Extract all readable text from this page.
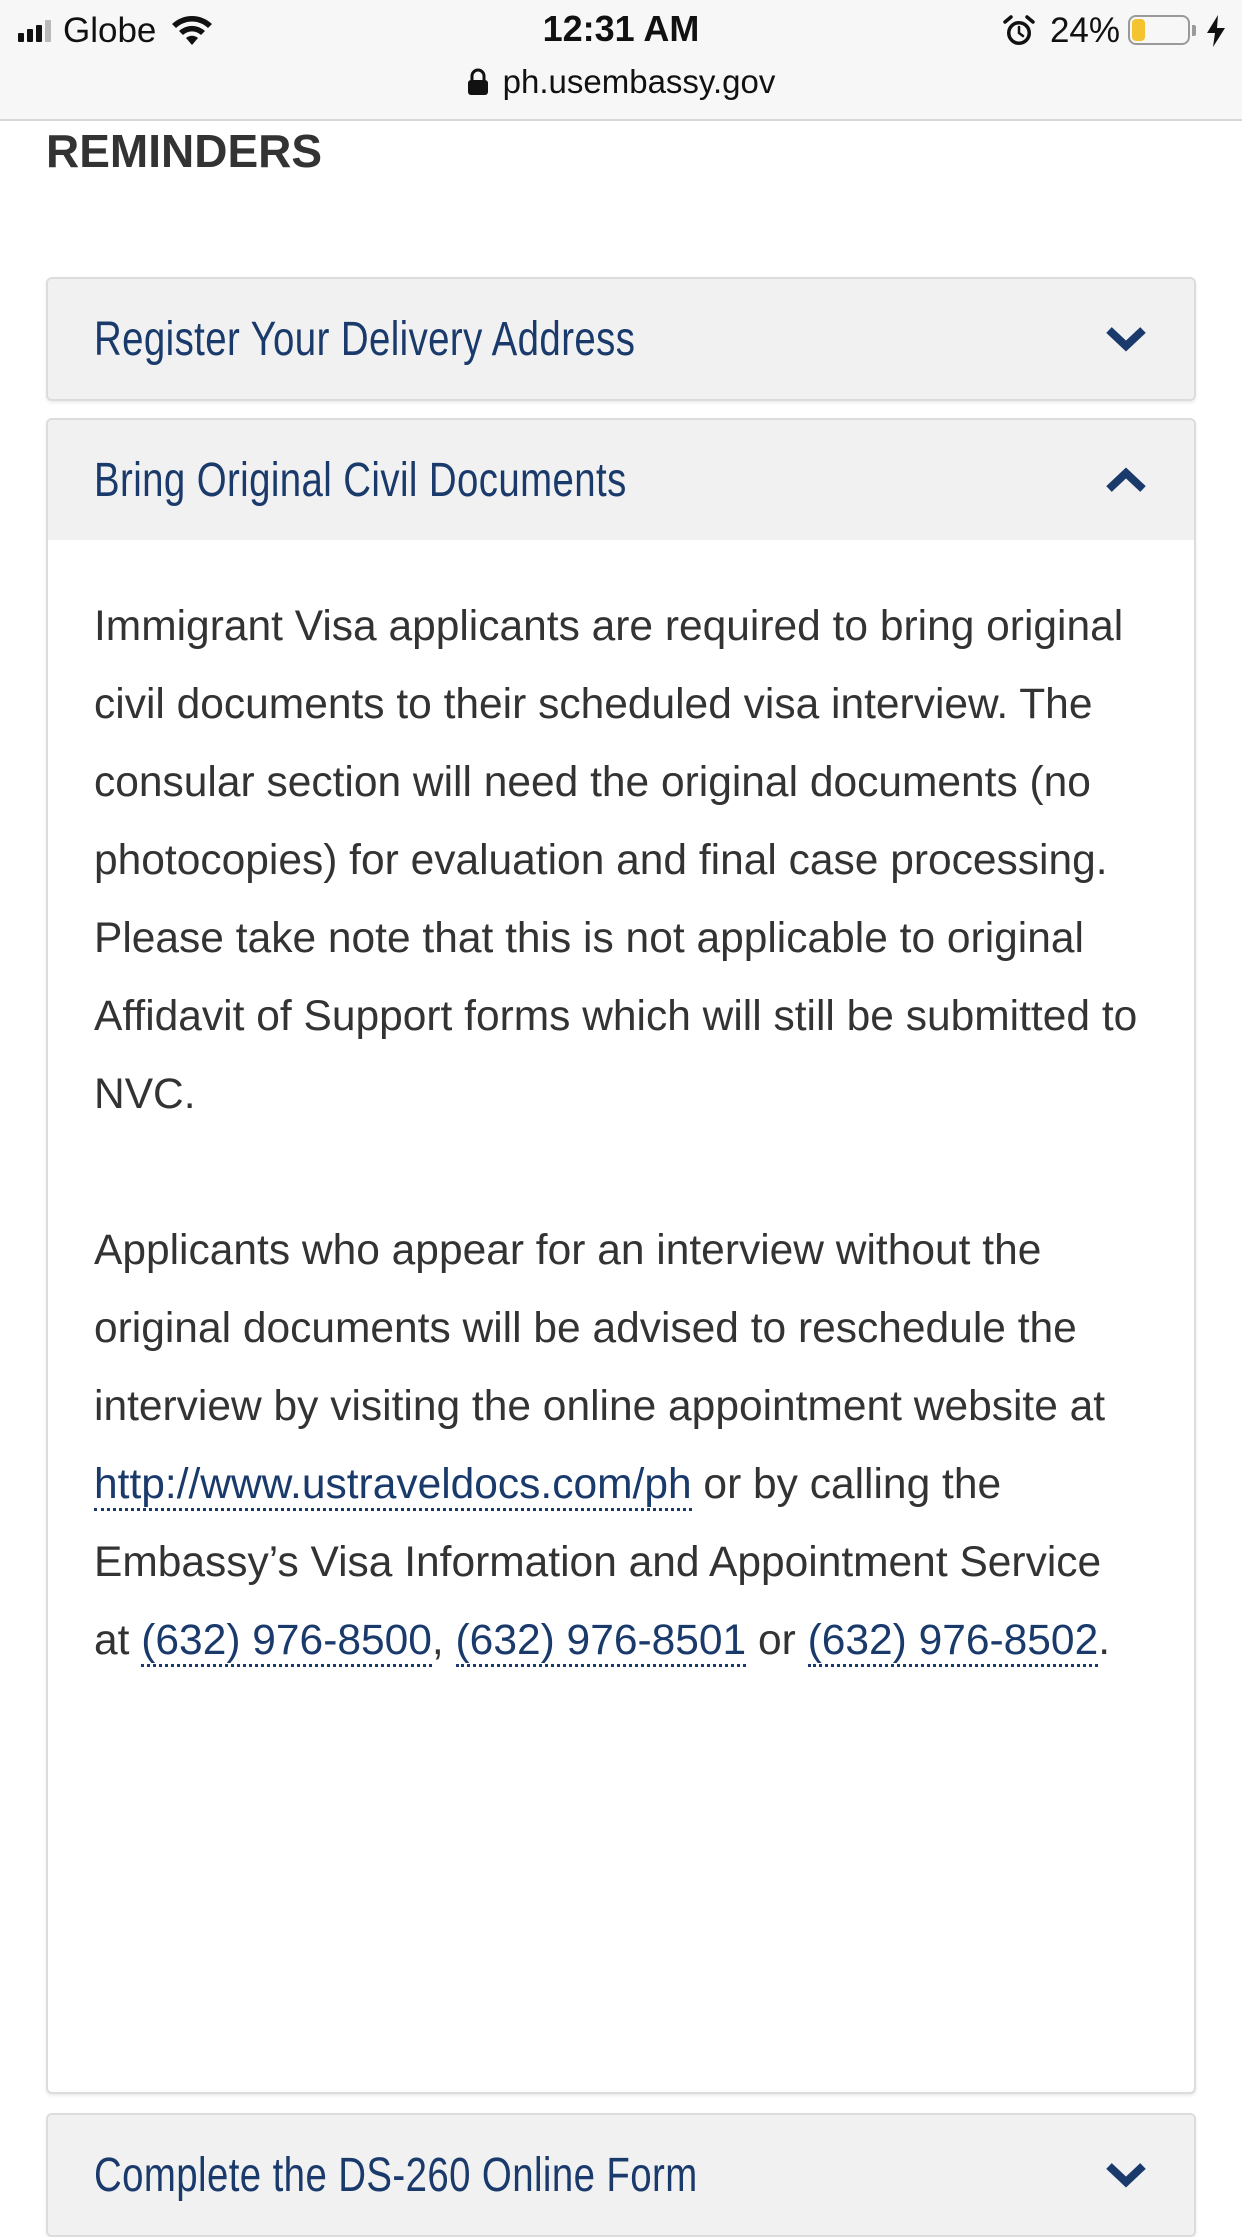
Globe	12:31 AM	24%
ph.usembassy.gov
REMINDERS
Register Your Delivery Address
Bring Original Civil Documents

Immigrant Visa applicants are required to bring original civil documents to their scheduled visa interview. The consular section will need the original documents (no photocopies) for evaluation and final case processing. Please take note that this is not applicable to original Affidavit of Support forms which will still be submitted to NVC.

Applicants who appear for an interview without the original documents will be advised to reschedule the interview by visiting the online appointment website at http://www.ustraveldocs.com/ph or by calling the Embassy’s Visa Information and Appointment Service at (632) 976-8500, (632) 976-8501 or (632) 976-8502.

Complete the DS-260 Online Form
